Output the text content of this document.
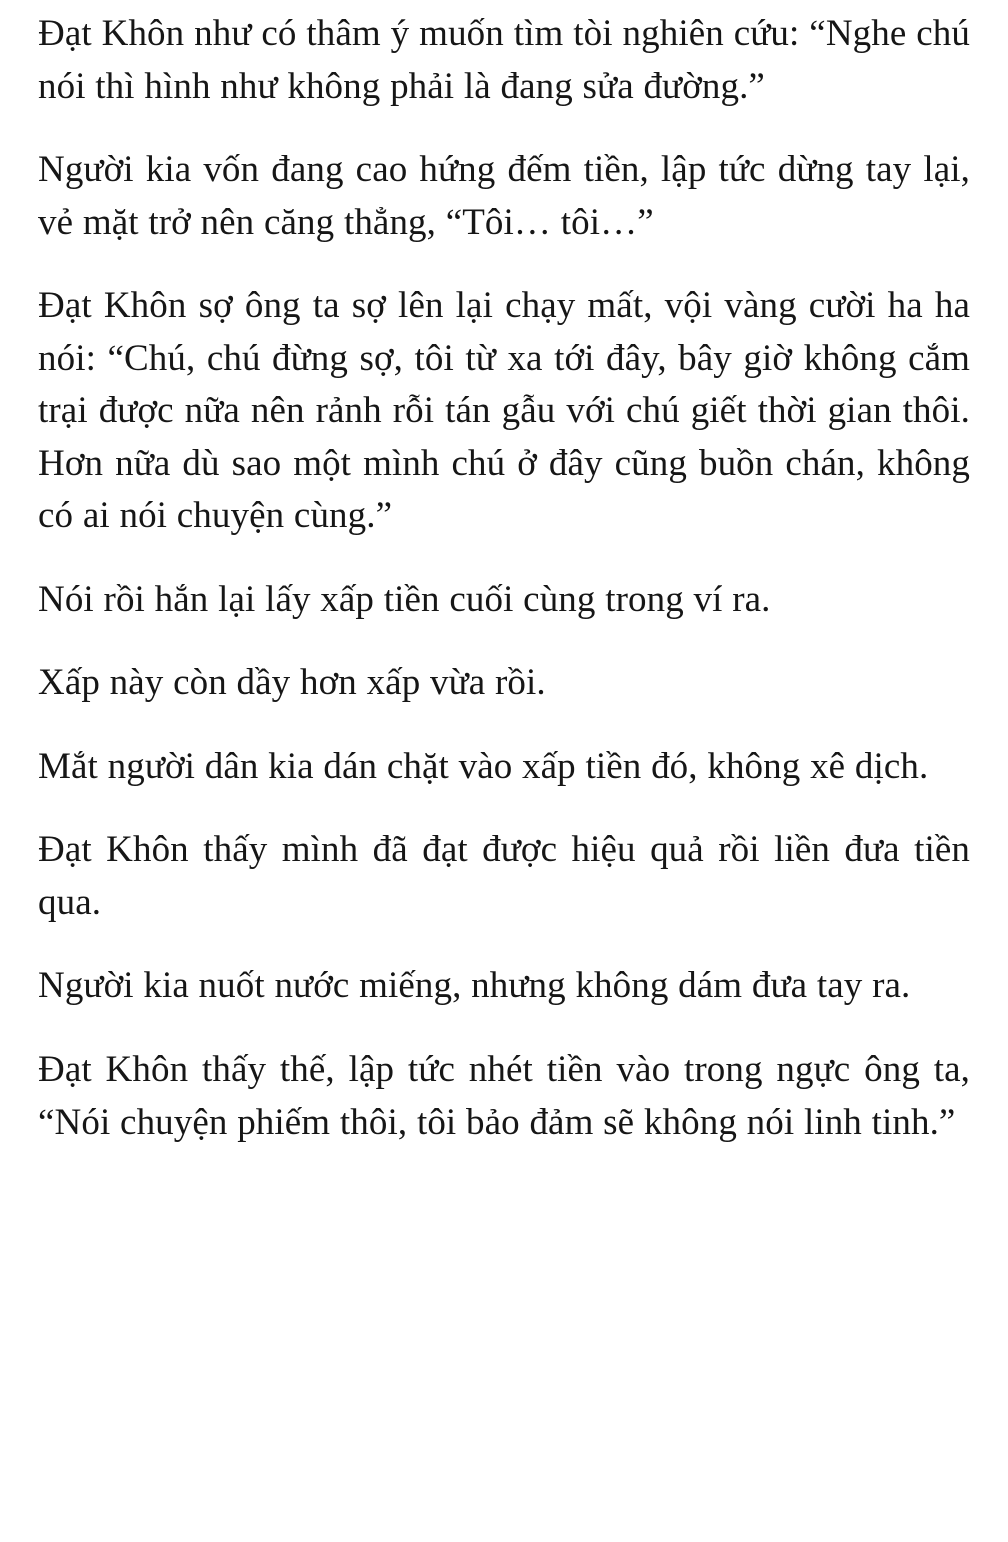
Đạt Khôn như có thâm ý muốn tìm tòi nghiên cứu: “Nghe chú nói thì hình như không phải là đang sửa đường.”

Người kia vốn đang cao hứng đếm tiền, lập tức dừng tay lại, vẻ mặt trở nên căng thẳng, “Tôi… tôi…”

Đạt Khôn sợ ông ta sợ lên lại chạy mất, vội vàng cười ha ha nói: “Chú, chú đừng sợ, tôi từ xa tới đây, bây giờ không cắm trại được nữa nên rảnh rỗi tán gẫu với chú giết thời gian thôi. Hơn nữa dù sao một mình chú ở đây cũng buồn chán, không có ai nói chuyện cùng.”

Nói rồi hắn lại lấy xấp tiền cuối cùng trong ví ra.

Xấp này còn dầy hơn xấp vừa rồi.

Mắt người dân kia dán chặt vào xấp tiền đó, không xê dịch.

Đạt Khôn thấy mình đã đạt được hiệu quả rồi liền đưa tiền qua.

Người kia nuốt nước miếng, nhưng không dám đưa tay ra.

Đạt Khôn thấy thế, lập tức nhét tiền vào trong ngực ông ta, “Nói chuyện phiếm thôi, tôi bảo đảm sẽ không nói linh tinh.”
